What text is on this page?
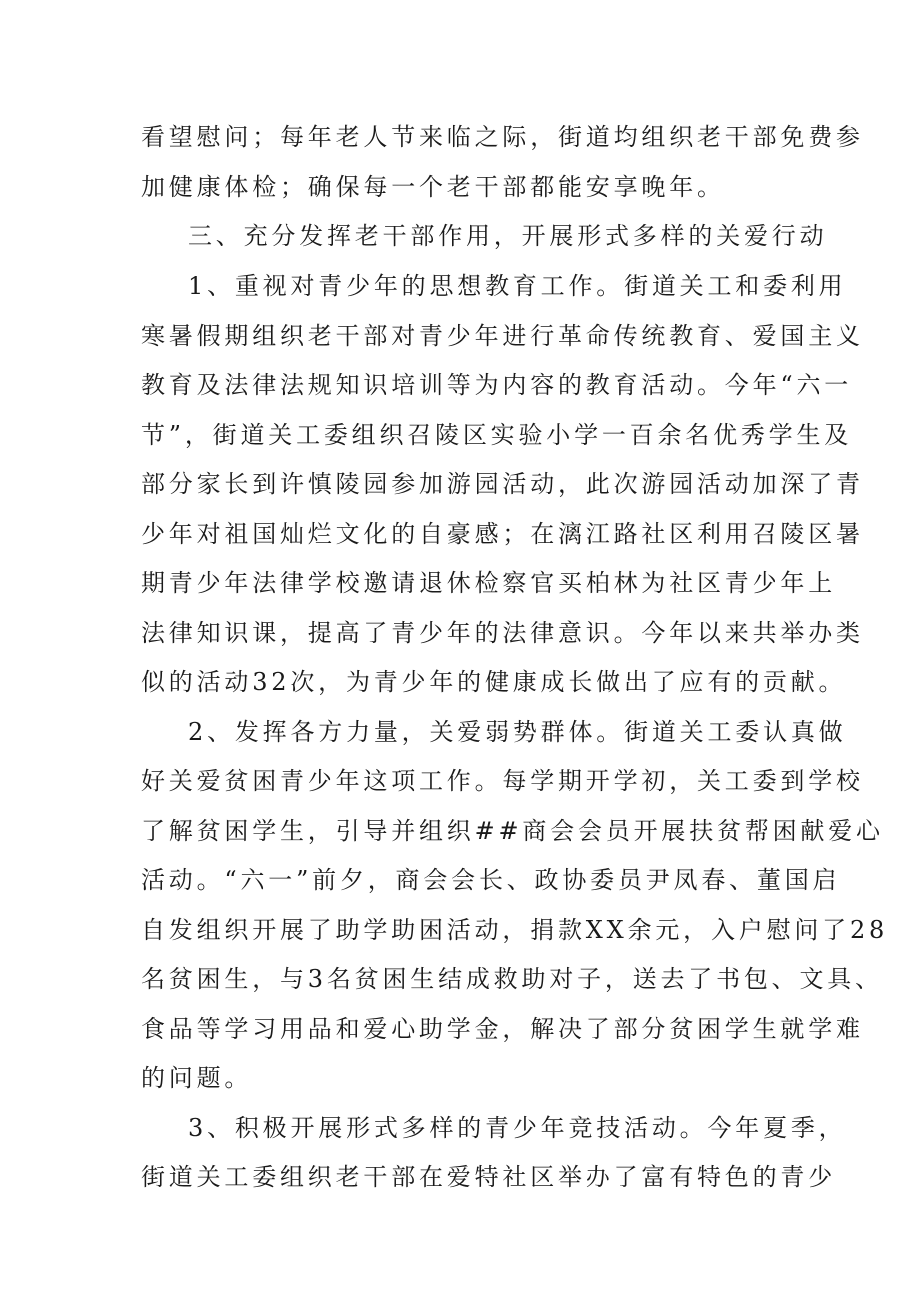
看望慰问；每年老人节来临之际，街道均组织老干部免费参
加健康体检；确保每一个老干部都能安享晚年。
三、充分发挥老干部作用，开展形式多样的关爱行动
1、重视对青少年的思想教育工作。街道关工和委利用
寒暑假期组织老干部对青少年进行革命传统教育、爱国主义
教育及法律法规知识培训等为内容的教育活动。今年“六一
节”，街道关工委组织召陵区实验小学一百余名优秀学生及
部分家长到许慎陵园参加游园活动，此次游园活动加深了青
少年对祖国灿烂文化的自豪感；在漓江路社区利用召陵区暑
期青少年法律学校邀请退休检察官买柏林为社区青少年上
法律知识课，提高了青少年的法律意识。今年以来共举办类
似的活动32次，为青少年的健康成长做出了应有的贡献。
2、发挥各方力量，关爱弱势群体。街道关工委认真做
好关爱贫困青少年这项工作。每学期开学初，关工委到学校
了解贫困学生，引导并组织##商会会员开展扶贫帮困献爱心
活动。“六一”前夕，商会会长、政协委员尹凤春、董国启
自发组织开展了助学助困活动，捐款XX余元，入户慰问了28
名贫困生，与3名贫困生结成救助对子，送去了书包、文具、
食品等学习用品和爱心助学金，解决了部分贫困学生就学难
的问题。
3、积极开展形式多样的青少年竞技活动。今年夏季，
街道关工委组织老干部在爱特社区举办了富有特色的青少
